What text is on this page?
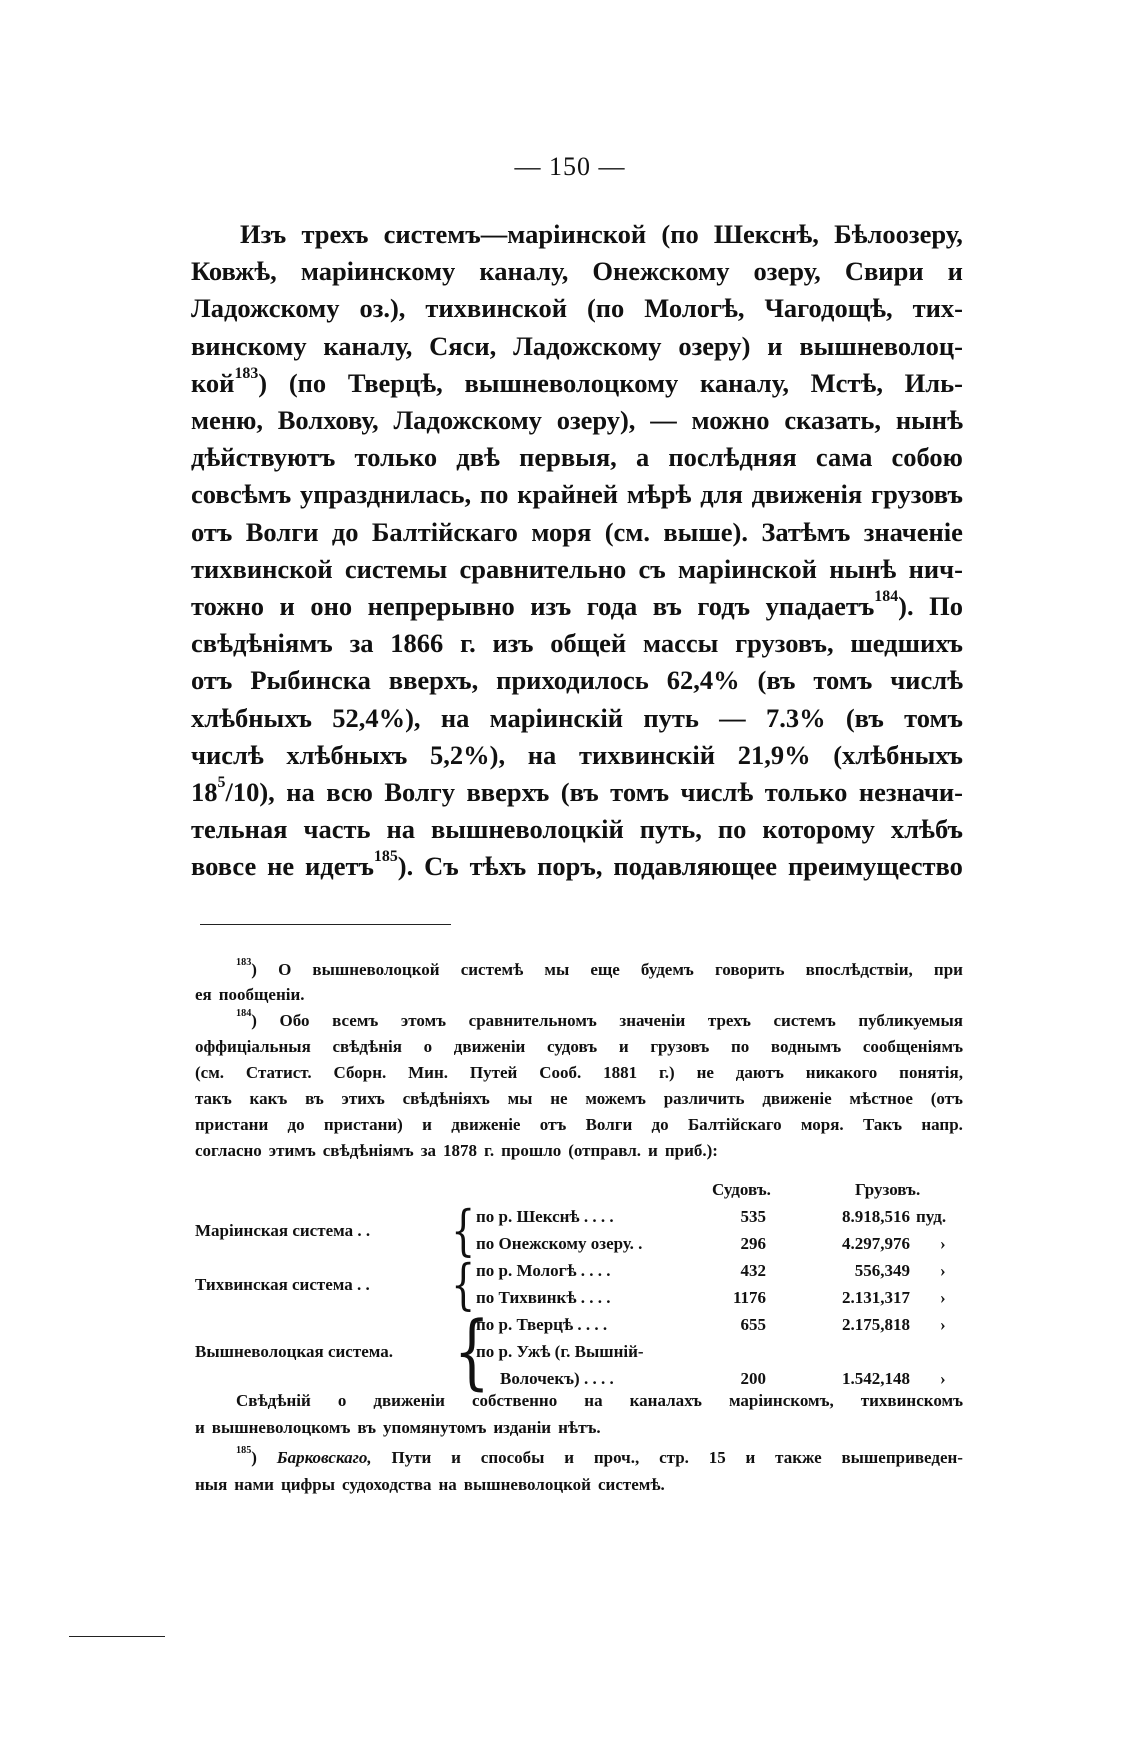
— 150 —
Изъ трехъ системъ—маріинской (по Шекснѣ, Бѣлоозеру,
Ковжѣ, маріинскому каналу, Онежскому озеру, Свири и
Ладожскому оз.), тихвинской (по Мологѣ, Чагодощѣ, тих-
винскому каналу, Сяси, Ладожскому озеру) и вышневолоц-
кой$^{183}$) (по Тверцѣ, вышневолоцкому каналу, Мстѣ, Иль-
меню, Волхову, Ладожскому озеру), — можно сказать, нынѣ
дѣйствуютъ только двѣ первыя, а послѣдняя сама собою
совсѣмъ упразднилась, по крайней мѣрѣ для движенія грузовъ
отъ Волги до Балтійскаго моря (см. выше). Затѣмъ значеніе
тихвинской системы сравнительно съ маріинской нынѣ нич-
тожно и оно непрерывно изъ года въ годъ упадаетъ$^{184}$). По
свѣдѣніямъ за 1866 г. изъ общей массы грузовъ, шедшихъ
отъ Рыбинска вверхъ, приходилось 62,4% (въ томъ числѣ
хлѣбныхъ 52,4%), на маріинскій путь — 7.3% (въ томъ
числѣ хлѣбныхъ 5,2%), на тихвинскій 21,9% (хлѣбныхъ
$18^5/10$), на всю Волгу вверхъ (въ томъ числѣ только незначи-
тельная часть на вышневолоцкій путь, по которому хлѣбъ
вовсе не идетъ$^{185}$). Съ тѣхъ поръ, подавляющее преимущество
$^{183}$) О вышневолоцкой системѣ мы еще будемъ говорить впослѣдствіи, при
ея пообщеніи.
$^{184}$) Обо всемъ этомъ сравнительномъ значеніи трехъ системъ публикуемыя
оффиціальныя свѣдѣнія о движеніи судовъ и грузовъ по воднымъ сообщеніямъ
(см. Статист. Сборн. Мин. Путей Сооб. 1881 г.) не даютъ никакого понятія,
такъ какъ въ этихъ свѣдѣніяхъ мы не можемъ различить движеніе мѣстное (отъ
пристани до пристани) и движеніе отъ Волги до Балтійскаго моря. Такъ напр.
согласно этимъ свѣдѣніямъ за 1878 г. прошло (отправл. и приб.):
Судовъ.	Грузовъ.
Маріинская система . . { по р. Шекснѣ . . . .	535	8.918,516 пуд.
по Онежскому озеру. .	296	4.297,976 ›
Тихвинская система . . { по р. Мологѣ . . . .	432	556,349 ›
по Тихвинкѣ . . . .	1176	2.131,317 ›
Вышневолоцкая система. {
по р. Тверцѣ . . . .	655	2.175,818 ›
по р. Ужѣ (г. Вышній-
Волочекъ) . . . .	200	1.542,148 ›
Свѣдѣній о движеніи собственно на каналахъ маріинскомъ, тихвинскомъ
и вышневолоцкомъ въ упомянутомъ изданіи нѣтъ.
$^{185}$) Барковскаго, Пути и способы и проч., стр. 15 и также вышеприведен-
ныя нами цифры судоходства на вышневолоцкой системѣ.
